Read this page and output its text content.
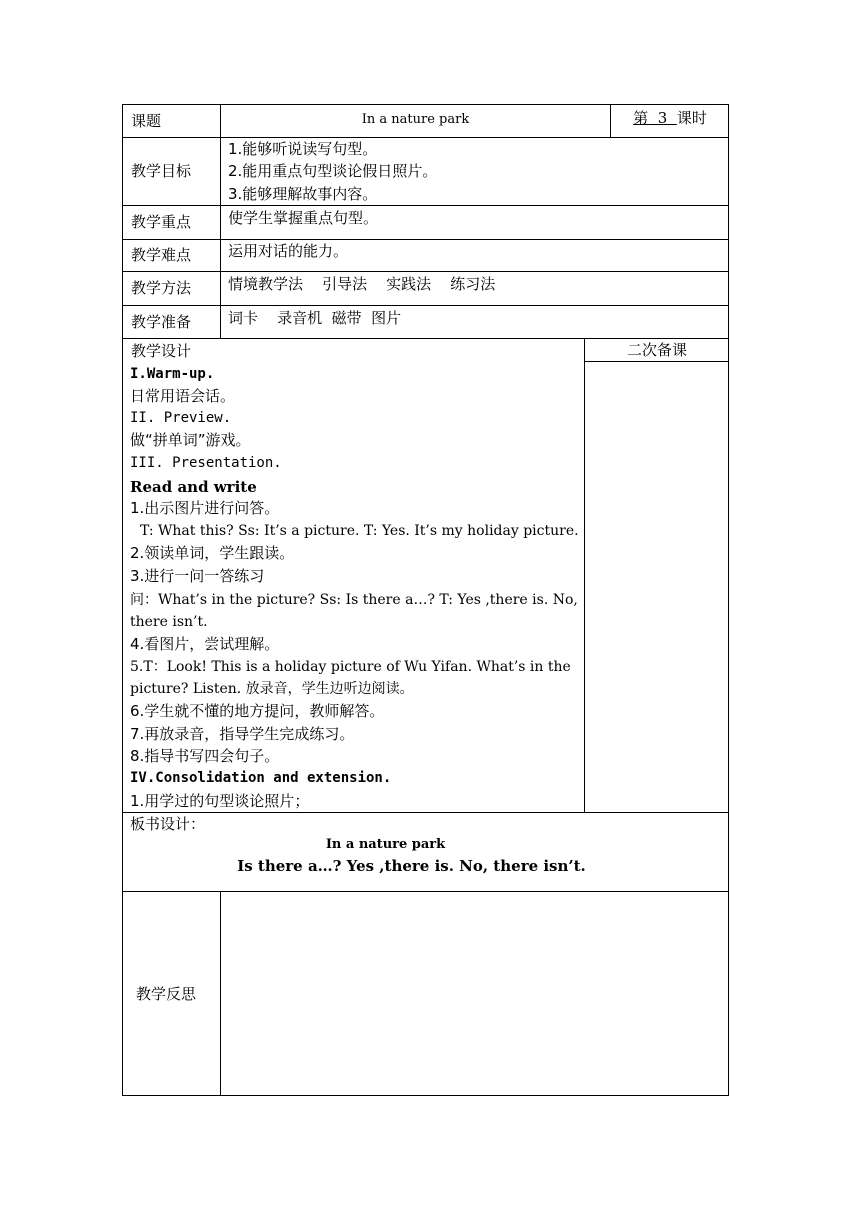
课题	In a nature park	第 3 课时
教学目标
1.能够听说读写句型。
2.能用重点句型谈论假日照片。
3.能够理解故事内容。
教学重点 使学生掌握重点句型。
教学难点 运用对话的能力。
教学方法 情境教学法    引导法    实践法    练习法
教学准备 词卡    录音机  磁带  图片
教学设计	二次备课
I.Warm-up.
日常用语会话。
II. Preview.
做“拼单词”游戏。
III. Presentation.
Read and write
1.出示图片进行问答。
T: What this? Ss: It’s a picture. T: Yes. It’s my holiday picture.
2.领读单词，学生跟读。
3.进行一问一答练习
问：What’s in the picture? Ss: Is there a…? T: Yes ,there is. No,
there isn’t.
4.看图片，尝试理解。
5.T：Look! This is a holiday picture of Wu Yifan. What’s in the
picture? Listen. 放录音，学生边听边阅读。
6.学生就不懂的地方提问，教师解答。
7.再放录音，指导学生完成练习。
8.指导书写四会句子。
IV.Consolidation and extension.
1.用学过的句型谈论照片；
板书设计：
In a nature park
Is there a…? Yes ,there is. No, there isn’t.
教学反思
